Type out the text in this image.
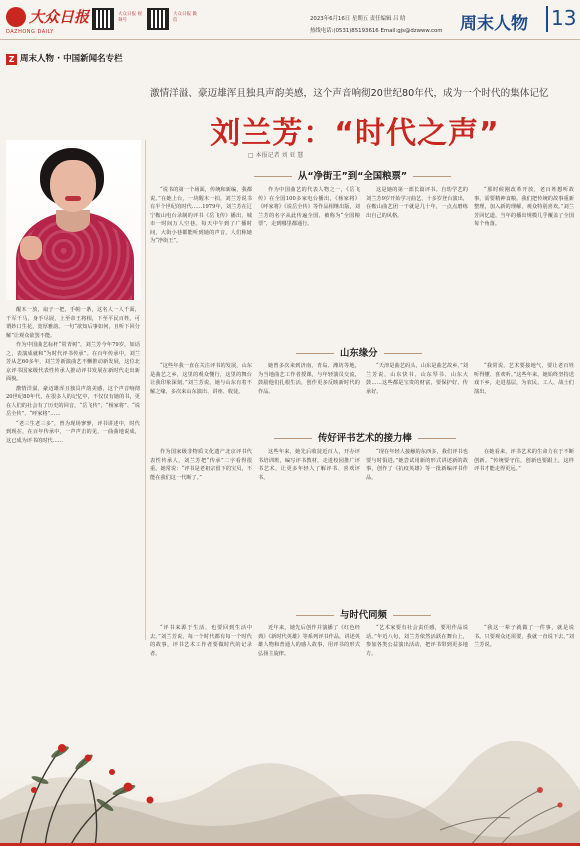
大众日报
DAZHONG DAILY
大众日报 视频号
大众日报 微信	2023年6月16日 星期五 责任编辑 吕 晗
热线电话:(0531)85193616 Email:gjs@dzwww.com 周末人物 13
Z 周末人物 · 中国新闻名专栏
激情洋溢、豪迈雄浑且独具声韵美感，这个声音响彻20世纪80年代，成为一个时代的集体记忆
刘兰芳：“时代之声”
□ 本报记者 刘 亚 慧

醒木一放，扇子一把，手帕一条，这名人一人千面，千军千马，身手尽展，上至帝王将相，下至平民百姓，可谓妙口生花，宽厚雅韵。一句“欲知后事如何，且听下回分解”让观众欲罢不能。

作为中国曲艺标杆“常青树”，刘兰芳今年79岁，如话之，表演成就和“为时代评书传承”。在百年传承中，刘兰芳从艺60多年，刘兰芳新演曲艺不懈推动新发展，这位北京评书国家级代表性传承人推动评书发展在新时代走出新面貌。

激情洋溢，豪迈雄浑且独具声韵美感，这个声音响彻20世纪80年代，在很多人的记忆中，不仅仅有她的书，更在人们的社会有了历史的回音，“岳飞传”，“杨家将”、“说岳全传”、“呼家将”……

“老三生老三多”，曾为现场寥寥，评书讲述中，时代到现在，在百年传承中，一声声击的见，一曲曲地说成，这已成为评书的时代……

从“净街王”到“全国粮票”

“说书的第一个场面，传统和新编，我都说。”在她上台，一块醒木一拍，刘兰芳说书有半个世纪的时代……1979年，刘兰芳在辽宁鞍山电台录制的评书《岳飞传》播出，城市一时间万人空巷。每天中午到了广播时间，大街小巷都能听到她的声音，人们称她为“净街王”。

作为中国曲艺的代表人物之一，《岳飞传》在全国100多家电台播出，《杨家将》《呼家将》《说岳全传》等作品相继出版，刘兰芳的名字从此传遍全国，被称为“全国粮票”，走到哪里都通行。

这是她的第一部长篇评书。自幼学艺的刘兰芳9岁开始学习曲艺，十多岁登台演出，在鞍山曲艺团一干就是几十年，一点点磨练出自己的风格。

“那时候刚改革开放，老百姓想听故事，需要精神食粮。我们把传统的故事重新整理，加入新的理解，观众特别喜欢。”刘兰芳回忆道，当年的播出规模几乎覆盖了全国每个角落。

山东缘分

“这些年我一直在关注评书的发展，山东是曲艺之乡，这里的观众懂行，这里的舞台让我印象深刻。”刘兰芳说，她与山东有着不解之缘，多次来山东演出、讲座、收徒。

她曾多次来到济南、青岛、潍坊等地，为当地曲艺工作者授课，与年轻演员交流，鼓励他们扎根生活，创作更多反映新时代的作品。

“天津是曲艺码头，山东是曲艺故乡。”刘兰芳说，山东快书、山东琴书、山东大鼓……这些都是宝贵的财富，要保护好、传承好。

“我常说，艺术要接地气，要让老百姓听得懂、喜欢听。”这些年来，她始终坚持送戏下乡，走进基层，为农民、工人、战士们演出。

传好评书艺术的接力棒

作为国家级非物质文化遗产北京评书代表性传承人，刘兰芳把“传承”二字看得很重。她常说：“评书是老祖宗留下的宝贝，不能在我们这一代断了。”

这些年来，她先后收徒近百人，开办评书培训班，编写评书教材，走进校园推广评书艺术，让更多年轻人了解评书、喜欢评书。

“现在年轻人接触的东西多，我们评书也要与时俱进。”她尝试用新的形式讲述新的故事，创作了《抗疫英雄》等一批新编评书作品。

在她看来，评书艺术的生命力在于不断创新。“传统要守住，创新也要跟上，这样评书才能走得更远。”

与时代同频

“评书来源于生活，也要回到生活中去。”刘兰芳说，每一个时代都有每一个时代的故事，评书艺术工作者要做时代的记录者。

近年来，她先后创作并演播了《红色经典》《新时代英雄》等系列评书作品，讲述英雄人物和普通人的感人故事，用评书的形式弘扬主旋律。

“艺术家要有社会责任感，要用作品说话。”年近八旬，刘兰芳依然活跃在舞台上，参加各类公益演出活动，把评书带到更多地方。

“我这一辈子就做了一件事，就是说书。只要观众还需要，我就一直说下去。”刘兰芳说。
